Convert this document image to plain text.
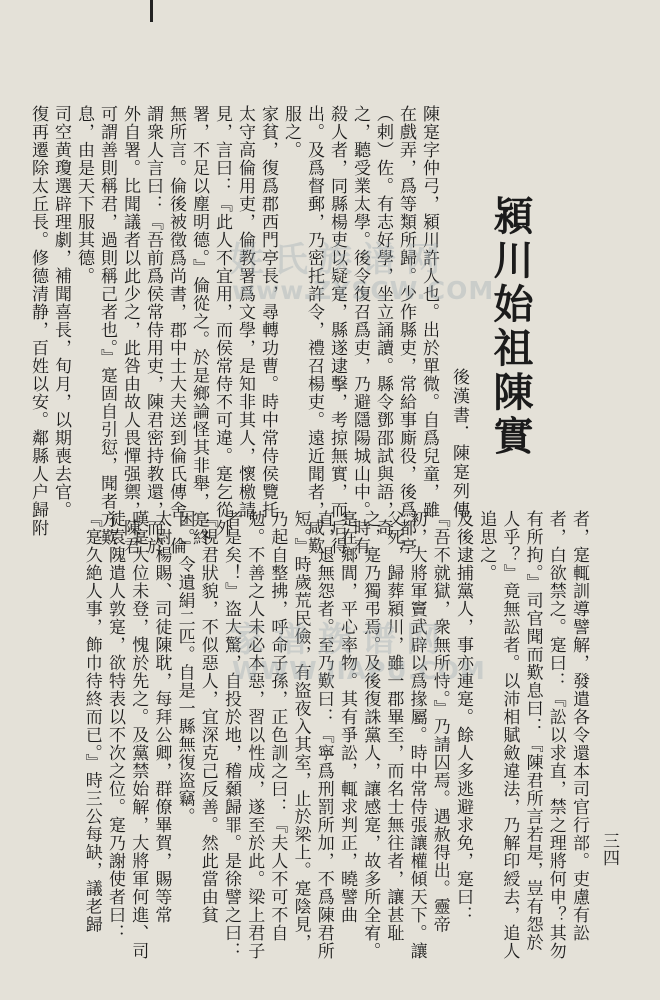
潁川始祖陳實
後漢書．陳寔列傳
陳寔字仲弓，潁川許人也。出於單微。自爲兒童，雖
在戲弄，爲等類所歸。少作縣吏，常給事廝役，後爲都亭
（剌）佐。有志好學，坐立誦讀。縣令鄧邵試與語，奇
之，聽受業太學。後令復召爲吏，乃避隱陽城山中。時有
殺人者，同縣楊吏以疑寔，縣遂逮擊，考掠無實，而后得
出。及爲督郵，乃密托許令，禮召楊吏。遠近聞者，咸歎
服之。
家貧，復爲郡西門亭長，尋轉功曹。時中常侍侯覽托
太守高倫用吏，倫教署爲文學，是知非其人，懷檄請
見，言曰：『此人不宜用，而侯常侍不可違。寔乞從外
署，不足以塵明德。』倫從之。於是鄉論怪其非舉，寔終
無所言。倫後被徵爲尚書，郡中士大夫送到倫氏傳舍。倫
謂衆人言曰：『吾前爲侯常侍用吏，陳君密持教還，而於
外自署。比聞議者以此少之，此咎由故人畏憚强禦，陳君
可謂善則稱君，過則稱己者也。』寔固自引愆，聞者方歎
息，由是天下服其德。
司空黄瓊選辟理劇，補聞喜長，旬月，以期喪去官。
復再遷除太丘長。修德清静，百姓以安。鄰縣人户歸附
者，寔輒訓導譬解，發遣各令還本司官行部。吏慮有訟
者，白欲禁之。寔曰：『訟以求直，禁之理將何申？其勿
有所拘。』司官聞而歎息曰：『陳君所言若是，豈有怨於
人乎？』竟無訟者。以沛相賦斂違法，乃解印綬去，追人
追思之。
及後逮捕黨人，事亦連寔。餘人多逃避求免，寔曰：
『吾不就獄，衆無所恃。』乃請囚焉。遇赦得出。靈帝
初，大將軍竇武辟以爲掾屬。時中常侍張讓權傾天下。讓
父死，歸葬潁川，雖一郡畢至，而名士無往者，讓甚耻
之，寔乃獨弔焉。及後復誅黨人，讓感寔，故多所全宥。
寔在鄉閭，平心率物。其有爭訟，輒求判正，曉譬曲
直，退無怨者。至乃歎曰：『寧爲刑罰所加，不爲陳君所
短。』時歲荒民儉，有盜夜入其室，止於梁上。寔陰見，
乃起自整拂，呼命子孫，正色訓之曰：『夫人不可不自
勉。不善之人未必本惡，習以性成，遂至於此。梁上君子
者是矣！』盗大驚，自投於地，稽顙歸罪。是徐譬之曰：
『視君狀貌，不似惡人，宜深克己反善。然此當由貧
困。』令遺絹二匹。自是一縣無復盗竊。
太尉楊賜、司徒陳耽，每拜公卿，群僚畢賀，賜等常
嘆寔大位未登，愧於先之。及黨禁始解，大將軍何進、司
徒袁隗遣人敦寔，欲特表以不次之位。寔乃謝使者曰：
『寔久絶人事，飾巾待終而已。』時三公每缺，議老歸	三四
姓氏族谱网
www.ZYSCW.COM
家谱族谱网
WWW.JIAPU.COM
